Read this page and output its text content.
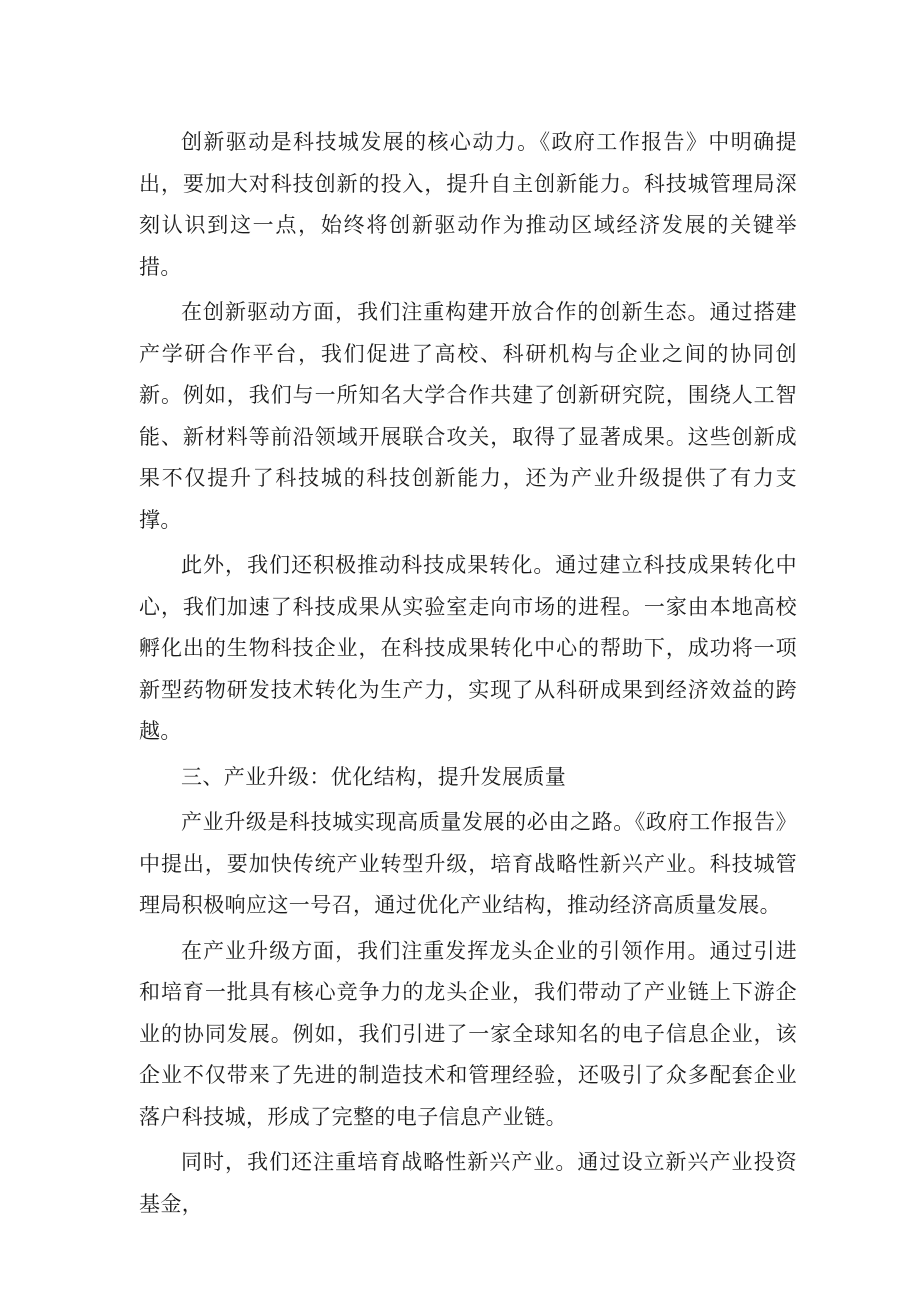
创新驱动是科技城发展的核心动力。《政府工作报告》中明确提出，要加大对科技创新的投入，提升自主创新能力。科技城管理局深刻认识到这一点，始终将创新驱动作为推动区域经济发展的关键举措。

在创新驱动方面，我们注重构建开放合作的创新生态。通过搭建产学研合作平台，我们促进了高校、科研机构与企业之间的协同创新。例如，我们与一所知名大学合作共建了创新研究院，围绕人工智能、新材料等前沿领域开展联合攻关，取得了显著成果。这些创新成果不仅提升了科技城的科技创新能力，还为产业升级提供了有力支撑。

此外，我们还积极推动科技成果转化。通过建立科技成果转化中心，我们加速了科技成果从实验室走向市场的进程。一家由本地高校孵化出的生物科技企业，在科技成果转化中心的帮助下，成功将一项新型药物研发技术转化为生产力，实现了从科研成果到经济效益的跨越。

三、产业升级：优化结构，提升发展质量

产业升级是科技城实现高质量发展的必由之路。《政府工作报告》中提出，要加快传统产业转型升级，培育战略性新兴产业。科技城管理局积极响应这一号召，通过优化产业结构，推动经济高质量发展。

在产业升级方面，我们注重发挥龙头企业的引领作用。通过引进和培育一批具有核心竞争力的龙头企业，我们带动了产业链上下游企业的协同发展。例如，我们引进了一家全球知名的电子信息企业，该企业不仅带来了先进的制造技术和管理经验，还吸引了众多配套企业落户科技城，形成了完整的电子信息产业链。

同时，我们还注重培育战略性新兴产业。通过设立新兴产业投资基金，
